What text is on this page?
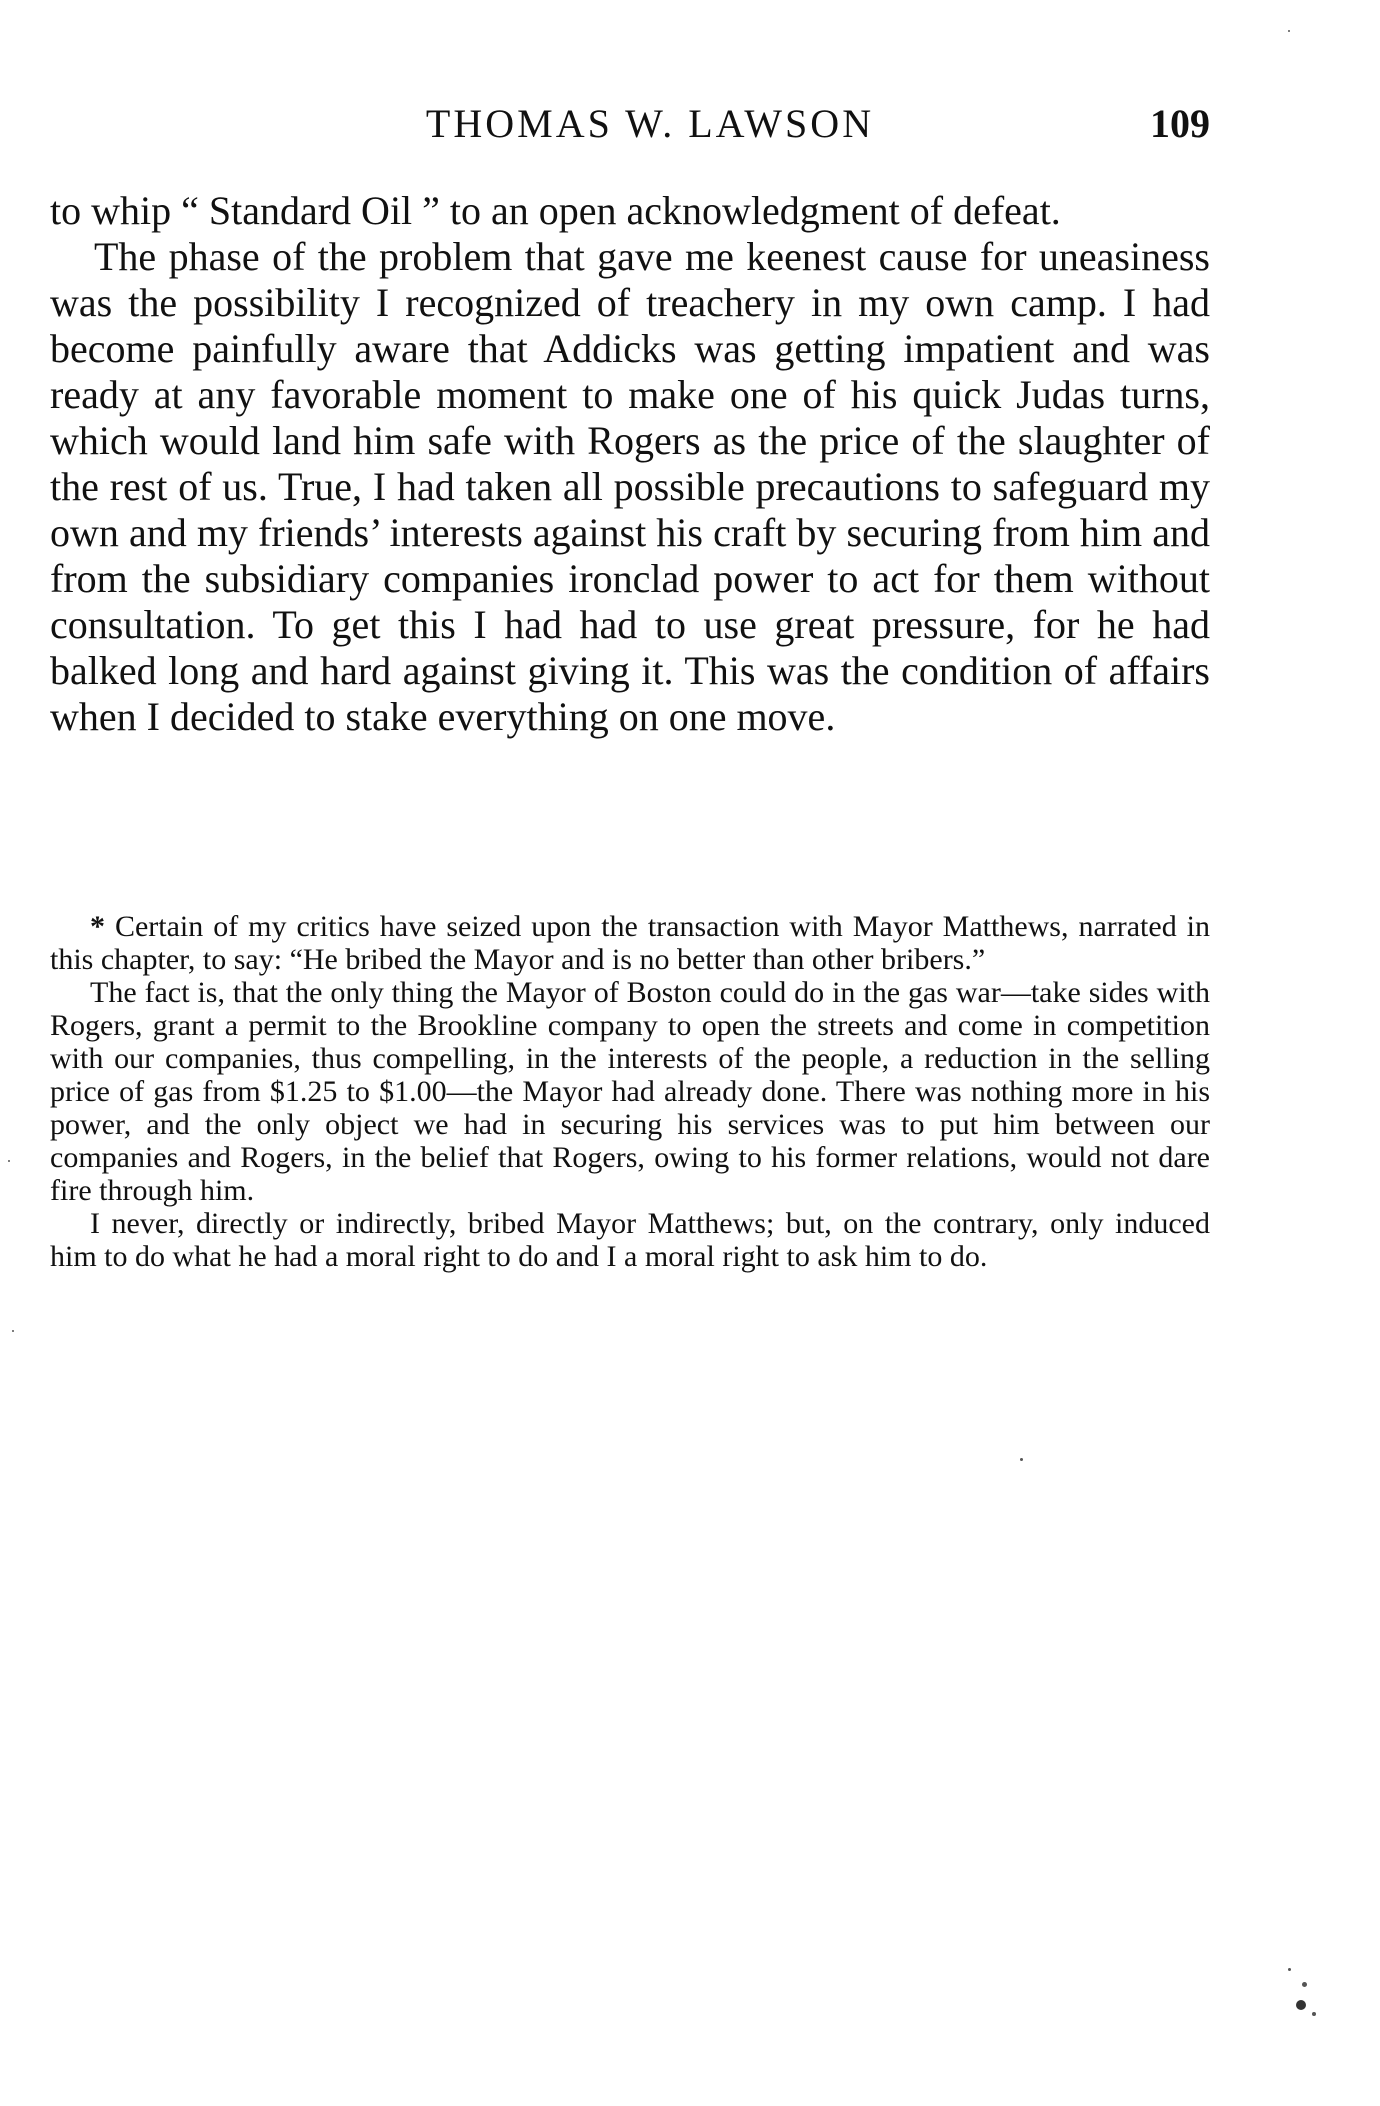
THOMAS W. LAWSON	109

to whip “ Standard Oil ” to an open acknowledgment of defeat.

The phase of the problem that gave me keenest cause for uneasiness was the possibility I recognized of treachery in my own camp. I had become painfully aware that Addicks was getting impatient and was ready at any favorable moment to make one of his quick Judas turns, which would land him safe with Rogers as the price of the slaughter of the rest of us. True, I had taken all possible precautions to safeguard my own and my friends’ interests against his craft by securing from him and from the subsidiary companies ironclad power to act for them without consultation. To get this I had had to use great pressure, for he had balked long and hard against giving it. This was the condition of affairs when I decided to stake everything on one move.

* Certain of my critics have seized upon the transaction with Mayor Matthews, narrated in this chapter, to say: “He bribed the Mayor and is no better than other bribers.”

The fact is, that the only thing the Mayor of Boston could do in the gas war—take sides with Rogers, grant a permit to the Brookline company to open the streets and come in competition with our companies, thus compelling, in the interests of the people, a reduction in the selling price of gas from $1.25 to $1.00—the Mayor had already done. There was nothing more in his power, and the only object we had in securing his services was to put him between our companies and Rogers, in the belief that Rogers, owing to his former relations, would not dare fire through him.

I never, directly or indirectly, bribed Mayor Matthews; but, on the contrary, only induced him to do what he had a moral right to do and I a moral right to ask him to do.
